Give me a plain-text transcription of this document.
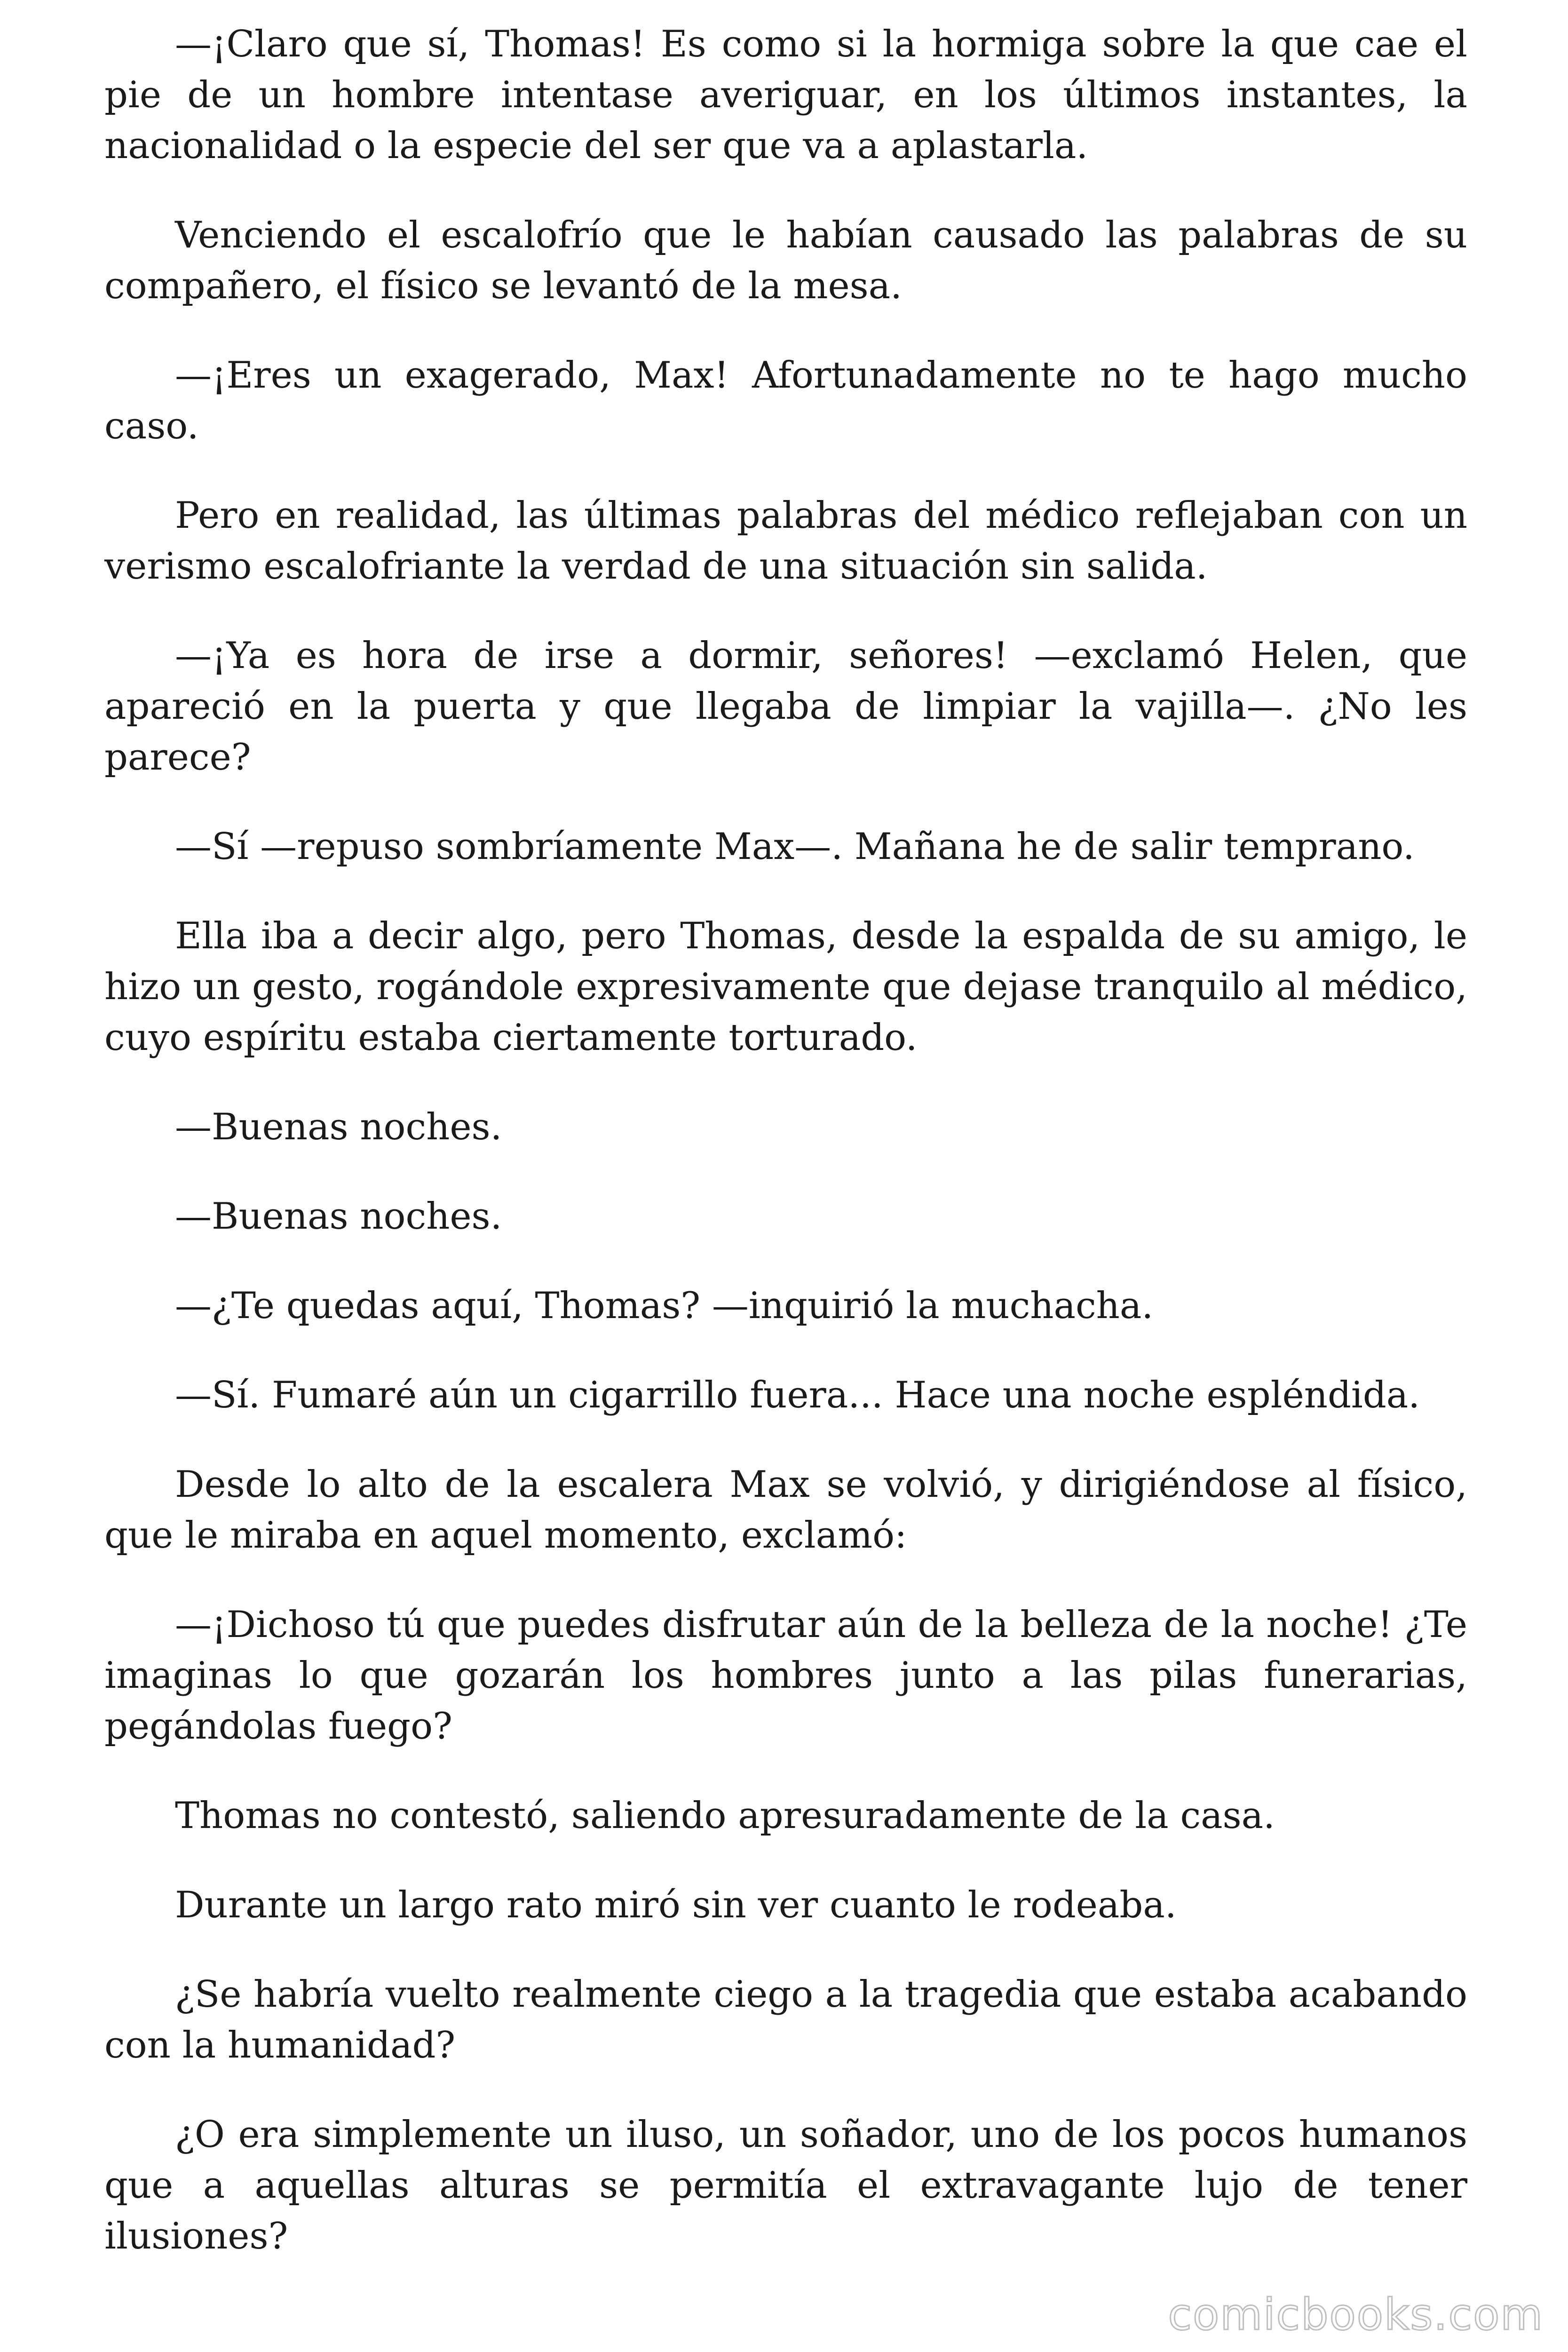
—¡Claro que sí, Thomas! Es como si la hormiga sobre la que cae el pie de un hombre intentase averiguar, en los últimos instantes, la nacionalidad o la especie del ser que va a aplastarla.

Venciendo el escalofrío que le habían causado las palabras de su compañero, el físico se levantó de la mesa.

—¡Eres un exagerado, Max! Afortunadamente no te hago mucho caso.

Pero en realidad, las últimas palabras del médico reflejaban con un verismo escalofriante la verdad de una situación sin salida.

—¡Ya es hora de irse a dormir, señores! —exclamó Helen, que apareció en la puerta y que llegaba de limpiar la vajilla—. ¿No les parece?

—Sí —repuso sombríamente Max—. Mañana he de salir temprano.

Ella iba a decir algo, pero Thomas, desde la espalda de su amigo, le hizo un gesto, rogándole expresivamente que dejase tranquilo al médico, cuyo espíritu estaba ciertamente torturado.

—Buenas noches.

—Buenas noches.

—¿Te quedas aquí, Thomas? —inquirió la muchacha.

—Sí. Fumaré aún un cigarrillo fuera... Hace una noche espléndida.

Desde lo alto de la escalera Max se volvió, y dirigiéndose al físico, que le miraba en aquel momento, exclamó:

—¡Dichoso tú que puedes disfrutar aún de la belleza de la noche! ¿Te imaginas lo que gozarán los hombres junto a las pilas funerarias, pegándolas fuego?

Thomas no contestó, saliendo apresuradamente de la casa.

Durante un largo rato miró sin ver cuanto le rodeaba.

¿Se habría vuelto realmente ciego a la tragedia que estaba acabando con la humanidad?

¿O era simplemente un iluso, un soñador, uno de los pocos humanos que a aquellas alturas se permitía el extravagante lujo de tener ilusiones?

comicbooks.com
